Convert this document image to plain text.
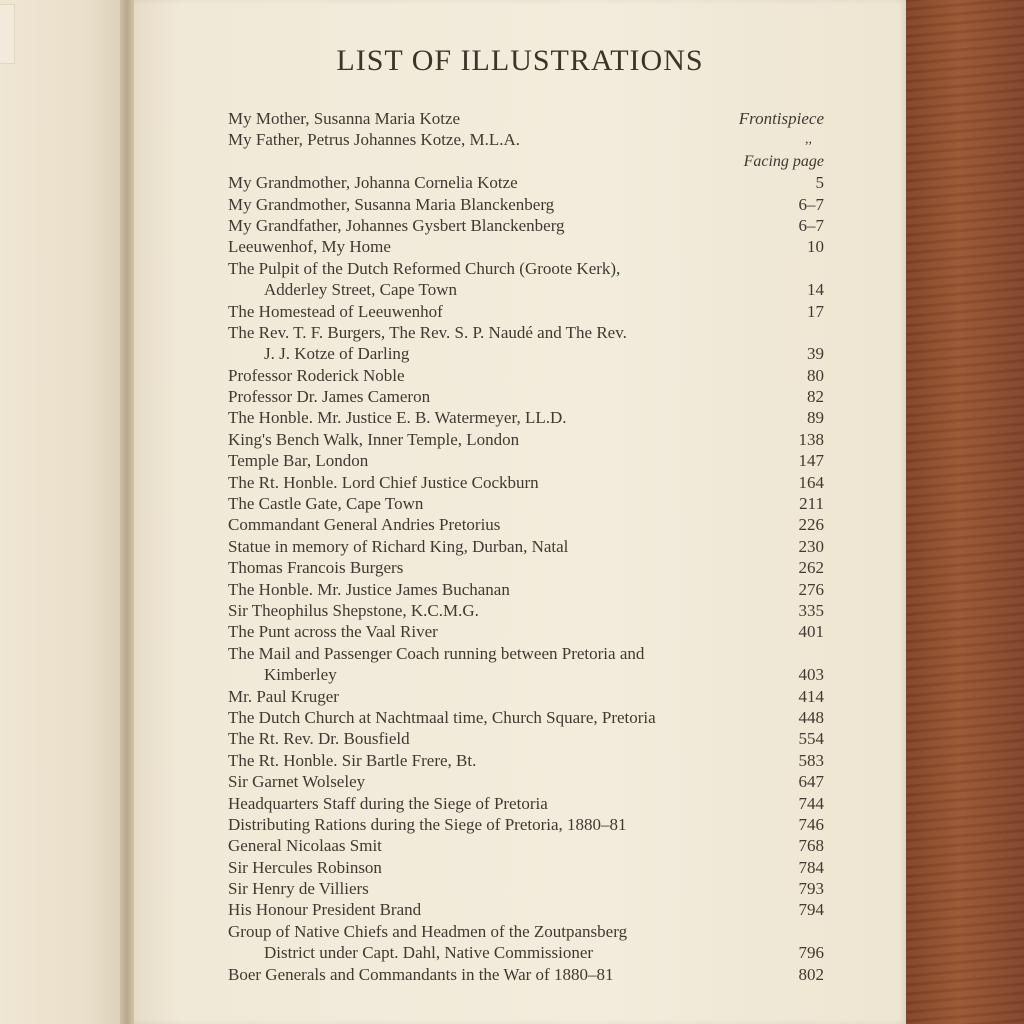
LIST OF ILLUSTRATIONS
My Mother, Susanna Maria Kotze	Frontispiece
My Father, Petrus Johannes Kotze, M.L.A.	,,
Facing page
My Grandmother, Johanna Cornelia Kotze	5
My Grandmother, Susanna Maria Blanckenberg	6–7
My Grandfather, Johannes Gysbert Blanckenberg	6–7
Leeuwenhof, My Home	10
The Pulpit of the Dutch Reformed Church (Groote Kerk),
Adderley Street, Cape Town	14
The Homestead of Leeuwenhof	17
The Rev. T. F. Burgers, The Rev. S. P. Naudé and The Rev.
J. J. Kotze of Darling	39
Professor Roderick Noble	80
Professor Dr. James Cameron	82
The Honble. Mr. Justice E. B. Watermeyer, LL.D.	89
King's Bench Walk, Inner Temple, London	138
Temple Bar, London	147
The Rt. Honble. Lord Chief Justice Cockburn	164
The Castle Gate, Cape Town	211
Commandant General Andries Pretorius	226
Statue in memory of Richard King, Durban, Natal	230
Thomas Francois Burgers	262
The Honble. Mr. Justice James Buchanan	276
Sir Theophilus Shepstone, K.C.M.G.	335
The Punt across the Vaal River	401
The Mail and Passenger Coach running between Pretoria and
Kimberley	403
Mr. Paul Kruger	414
The Dutch Church at Nachtmaal time, Church Square, Pretoria	448
The Rt. Rev. Dr. Bousfield	554
The Rt. Honble. Sir Bartle Frere, Bt.	583
Sir Garnet Wolseley	647
Headquarters Staff during the Siege of Pretoria	744
Distributing Rations during the Siege of Pretoria, 1880–81	746
General Nicolaas Smit	768
Sir Hercules Robinson	784
Sir Henry de Villiers	793
His Honour President Brand	794
Group of Native Chiefs and Headmen of the Zoutpansberg
District under Capt. Dahl, Native Commissioner	796
Boer Generals and Commandants in the War of 1880–81	802
